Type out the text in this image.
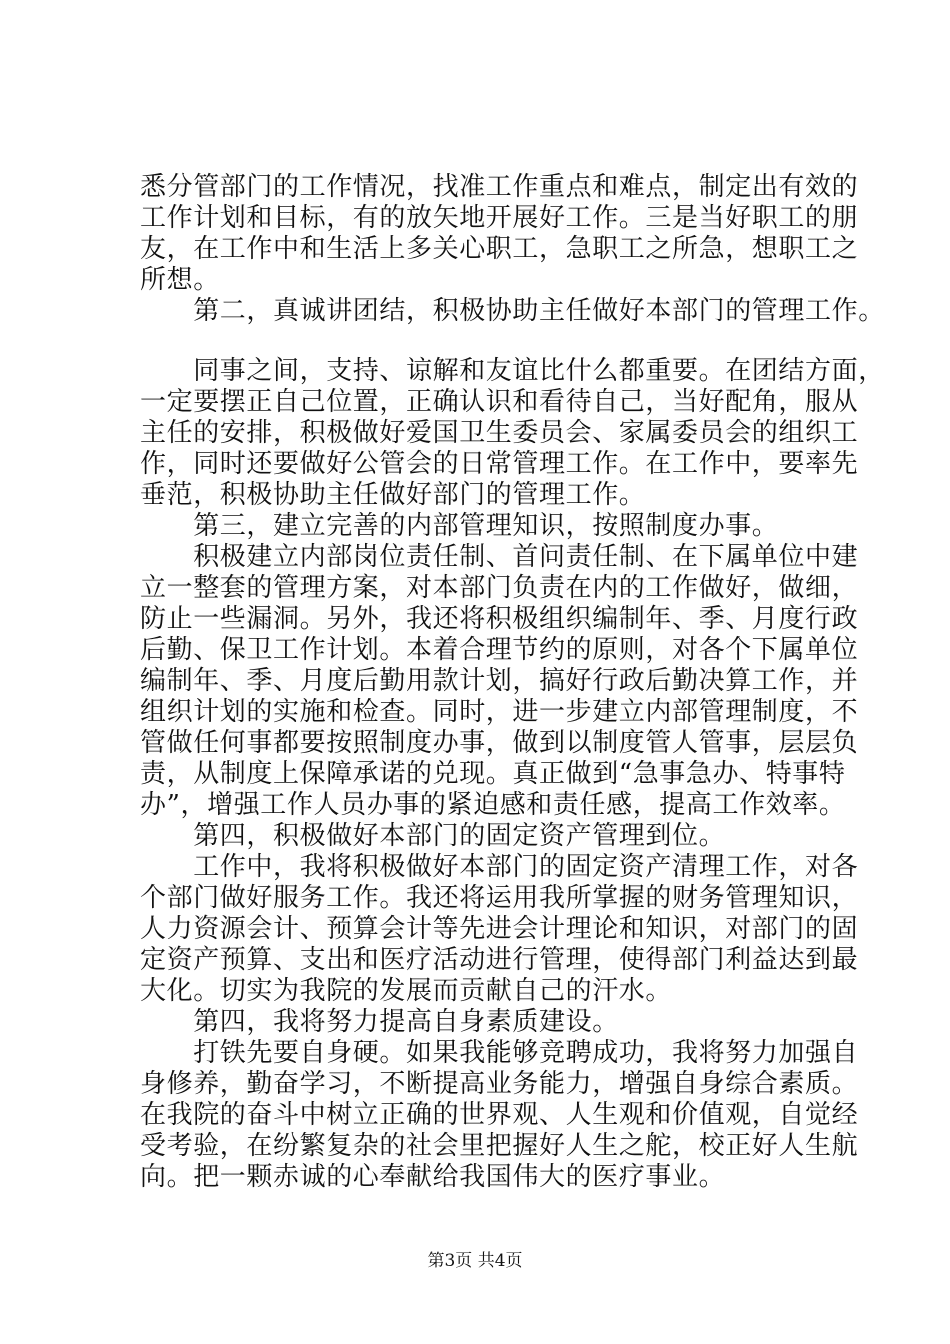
悉分管部门的工作情况，找准工作重点和难点，制定出有效的
工作计划和目标，有的放矢地开展好工作。三是当好职工的朋
友，在工作中和生活上多关心职工，急职工之所急，想职工之
所想。
　　第二，真诚讲团结，积极协助主任做好本部门的管理工作。
　　同事之间，支持、谅解和友谊比什么都重要。在团结方面，
一定要摆正自己位置，正确认识和看待自己，当好配角，服从
主任的安排，积极做好爱国卫生委员会、家属委员会的组织工
作，同时还要做好公管会的日常管理工作。在工作中，要率先
垂范，积极协助主任做好部门的管理工作。
　　第三，建立完善的内部管理知识，按照制度办事。
　　积极建立内部岗位责任制、首问责任制、在下属单位中建
立一整套的管理方案，对本部门负责在内的工作做好，做细，
防止一些漏洞。另外，我还将积极组织编制年、季、月度行政
后勤、保卫工作计划。本着合理节约的原则，对各个下属单位
编制年、季、月度后勤用款计划，搞好行政后勤决算工作，并
组织计划的实施和检查。同时，进一步建立内部管理制度，不
管做任何事都要按照制度办事，做到以制度管人管事，层层负
责，从制度上保障承诺的兑现。真正做到“急事急办、特事特
办”，增强工作人员办事的紧迫感和责任感，提高工作效率。
　　第四，积极做好本部门的固定资产管理到位。
　　工作中，我将积极做好本部门的固定资产清理工作，对各
个部门做好服务工作。我还将运用我所掌握的财务管理知识，
人力资源会计、预算会计等先进会计理论和知识，对部门的固
定资产预算、支出和医疗活动进行管理，使得部门利益达到最
大化。切实为我院的发展而贡献自己的汗水。
　　第四，我将努力提高自身素质建设。
　　打铁先要自身硬。如果我能够竞聘成功，我将努力加强自
身修养，勤奋学习，不断提高业务能力，增强自身综合素质。
在我院的奋斗中树立正确的世界观、人生观和价值观，自觉经
受考验，在纷繁复杂的社会里把握好人生之舵，校正好人生航
向。把一颗赤诚的心奉献给我国伟大的医疗事业。
第3页 共4页
